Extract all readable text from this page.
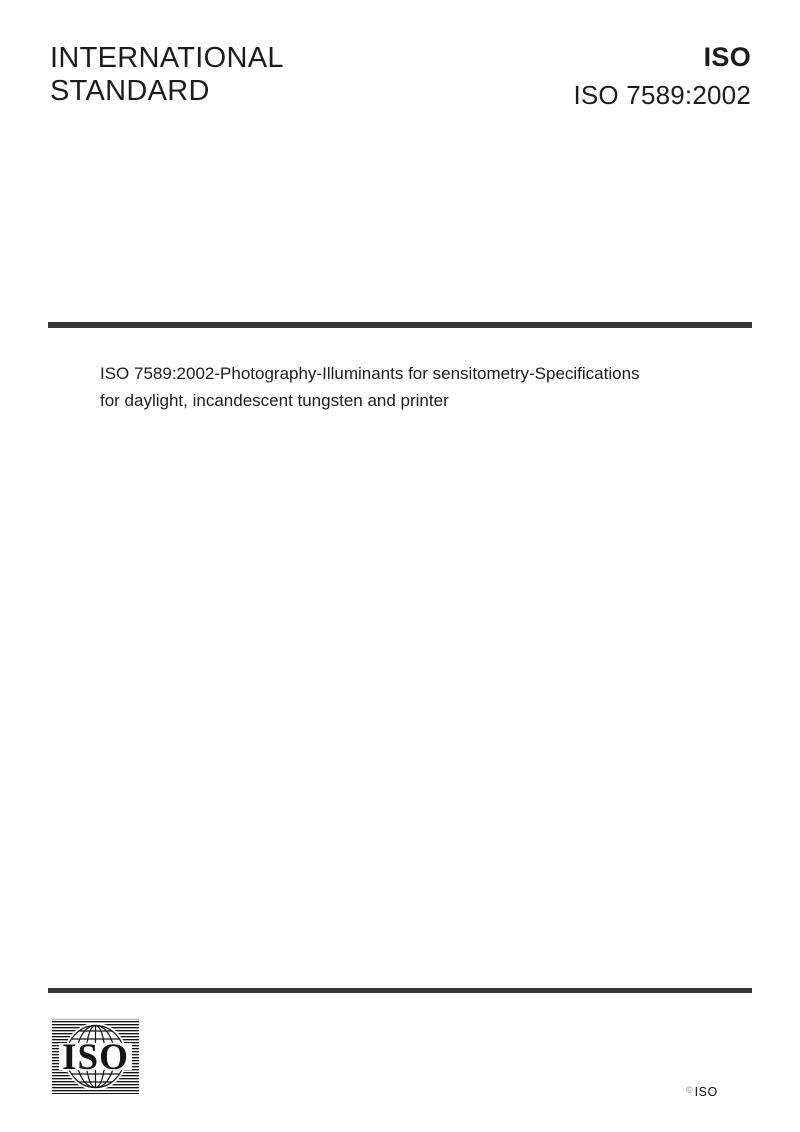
INTERNATIONAL
STANDARD
ISO
ISO 7589:2002
ISO 7589:2002-Photography-Illuminants for sensitometry-Specifications
for daylight, incandescent tungsten and printer
ISO
© ISO
